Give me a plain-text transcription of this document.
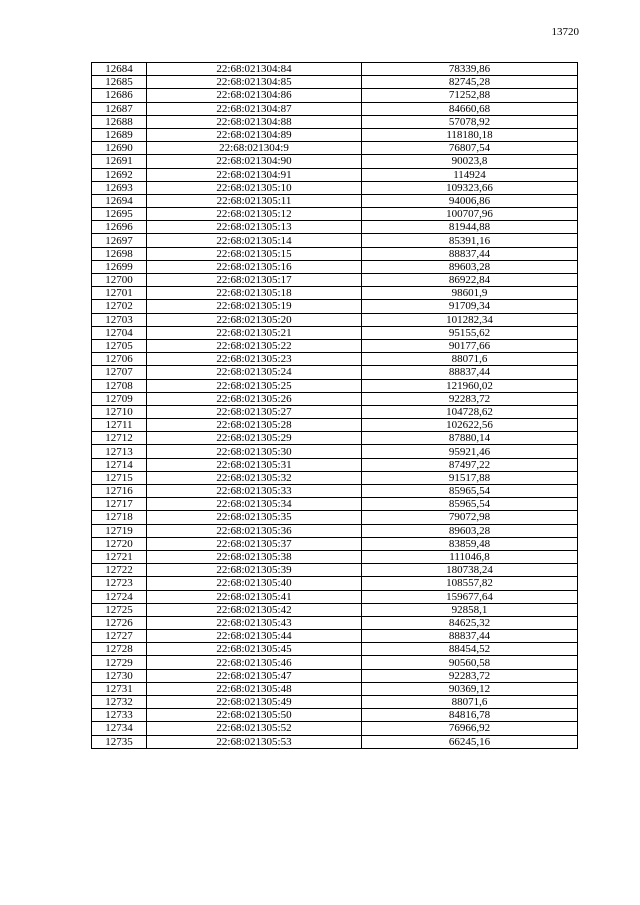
13720
12684	22:68:021304:84	78339,86
12685	22:68:021304:85	82745,28
12686	22:68:021304:86	71252,88
12687	22:68:021304:87	84660,68
12688	22:68:021304:88	57078,92
12689	22:68:021304:89	118180,18
12690	22:68:021304:9	76807,54
12691	22:68:021304:90	90023,8
12692	22:68:021304:91	114924
12693	22:68:021305:10	109323,66
12694	22:68:021305:11	94006,86
12695	22:68:021305:12	100707,96
12696	22:68:021305:13	81944,88
12697	22:68:021305:14	85391,16
12698	22:68:021305:15	88837,44
12699	22:68:021305:16	89603,28
12700	22:68:021305:17	86922,84
12701	22:68:021305:18	98601,9
12702	22:68:021305:19	91709,34
12703	22:68:021305:20	101282,34
12704	22:68:021305:21	95155,62
12705	22:68:021305:22	90177,66
12706	22:68:021305:23	88071,6
12707	22:68:021305:24	88837,44
12708	22:68:021305:25	121960,02
12709	22:68:021305:26	92283,72
12710	22:68:021305:27	104728,62
12711	22:68:021305:28	102622,56
12712	22:68:021305:29	87880,14
12713	22:68:021305:30	95921,46
12714	22:68:021305:31	87497,22
12715	22:68:021305:32	91517,88
12716	22:68:021305:33	85965,54
12717	22:68:021305:34	85965,54
12718	22:68:021305:35	79072,98
12719	22:68:021305:36	89603,28
12720	22:68:021305:37	83859,48
12721	22:68:021305:38	111046,8
12722	22:68:021305:39	180738,24
12723	22:68:021305:40	108557,82
12724	22:68:021305:41	159677,64
12725	22:68:021305:42	92858,1
12726	22:68:021305:43	84625,32
12727	22:68:021305:44	88837,44
12728	22:68:021305:45	88454,52
12729	22:68:021305:46	90560,58
12730	22:68:021305:47	92283,72
12731	22:68:021305:48	90369,12
12732	22:68:021305:49	88071,6
12733	22:68:021305:50	84816,78
12734	22:68:021305:52	76966,92
12735	22:68:021305:53	66245,16
